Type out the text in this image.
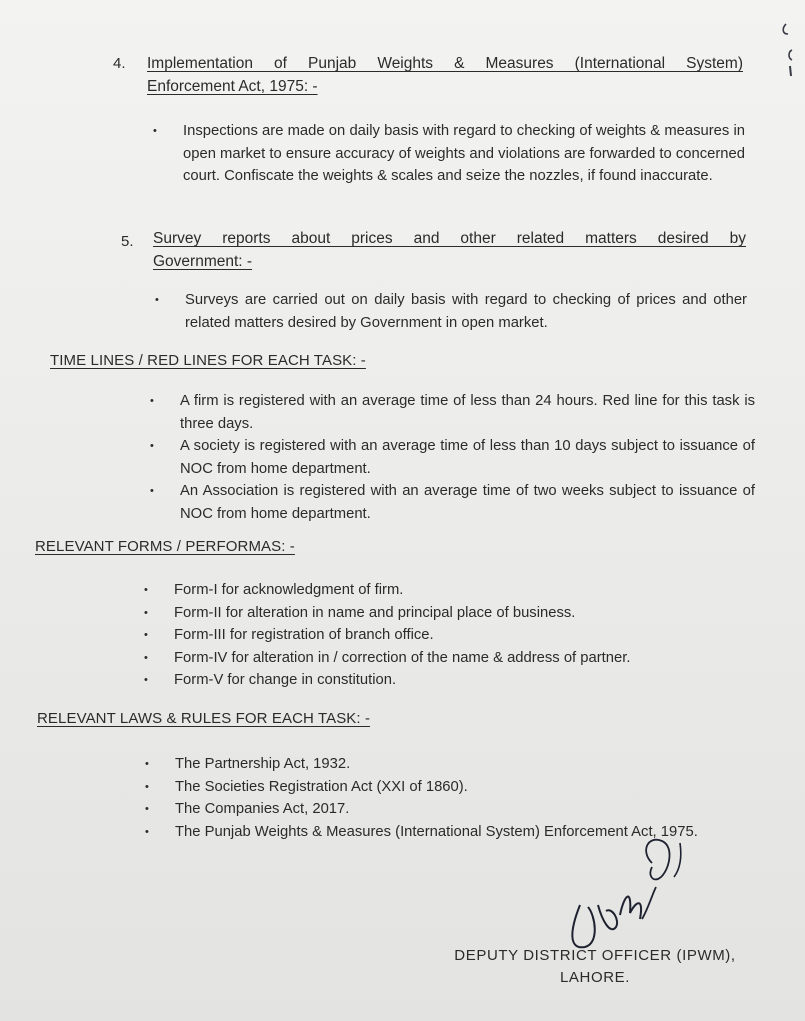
4. Implementation of Punjab Weights & Measures (International System)
Enforcement Act, 1975: -
• Inspections are made on daily basis with regard to checking of weights & measures in open market to ensure accuracy of weights and violations are forwarded to concerned court. Confiscate the weights & scales and seize the nozzles, if found inaccurate.
5. Survey reports about prices and other related matters desired by
Government: -
• Surveys are carried out on daily basis with regard to checking of prices and other related matters desired by Government in open market.
TIME LINES / RED LINES FOR EACH TASK: -
• A firm is registered with an average time of less than 24 hours. Red line for this task is three days.
• A society is registered with an average time of less than 10 days subject to issuance of NOC from home department.
• An Association is registered with an average time of two weeks subject to issuance of NOC from home department.
RELEVANT FORMS / PERFORMAS: -
• Form-I for acknowledgment of firm.
• Form-II for alteration in name and principal place of business.
• Form-III for registration of branch office.
• Form-IV for alteration in / correction of the name & address of partner.
• Form-V for change in constitution.
RELEVANT LAWS & RULES FOR EACH TASK: -
• The Partnership Act, 1932.
• The Societies Registration Act (XXI of 1860).
• The Companies Act, 2017.
• The Punjab Weights & Measures (International System) Enforcement Act, 1975.
DEPUTY DISTRICT OFFICER (IPWM),
LAHORE.
